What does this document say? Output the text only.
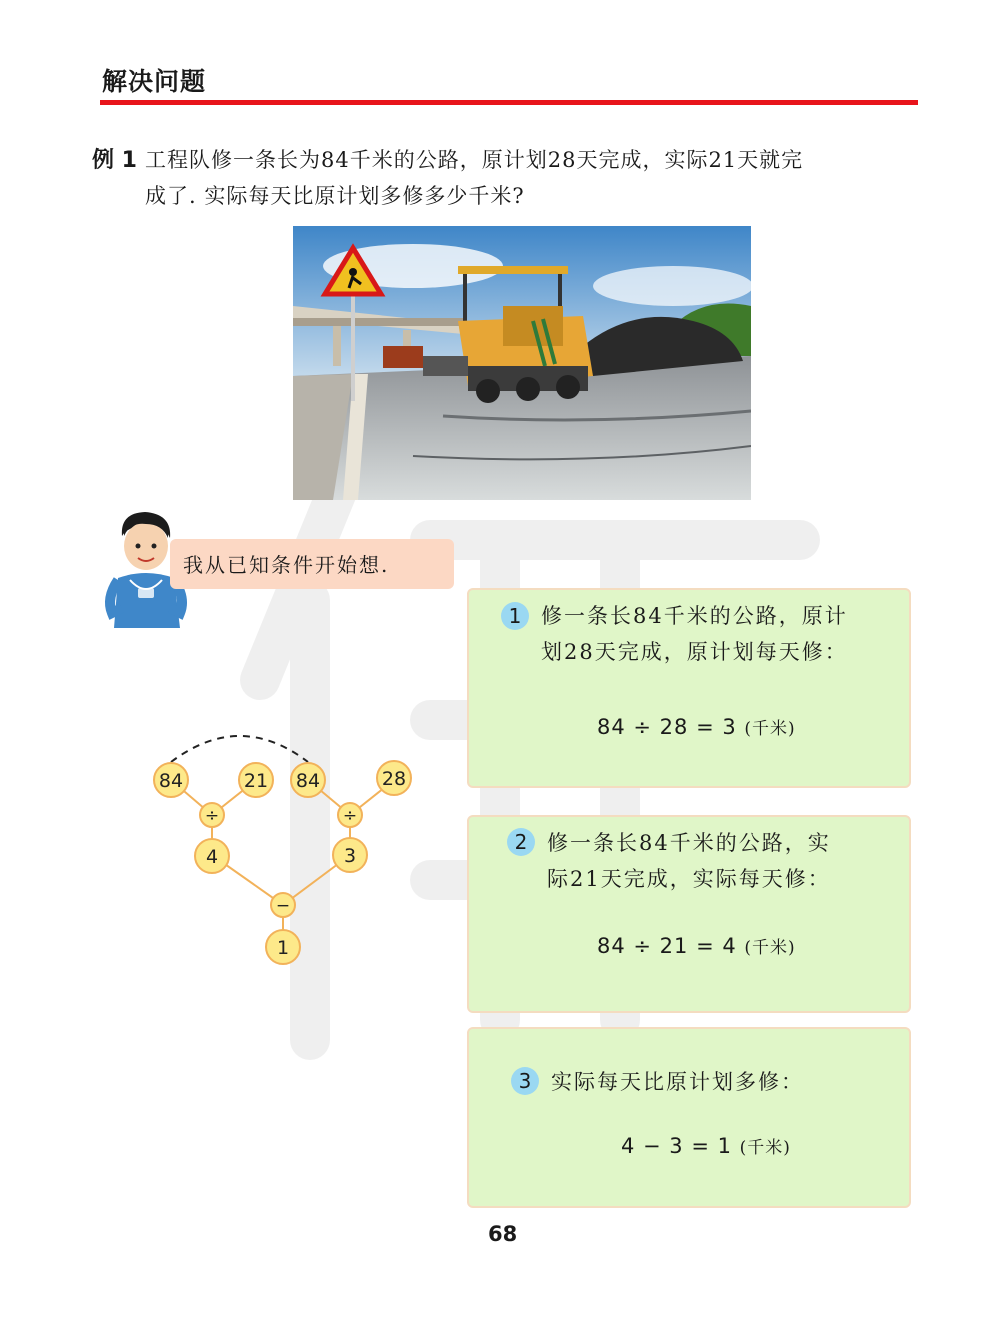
解决问题
例 1 工程队修一条长为84千米的公路，原计划28天完成，实际21天就完
成了. 实际每天比原计划多修多少千米?
我从已知条件开始想.
84	21 84	28
÷	÷
4	3
−
1
1 修一条长84千米的公路，原计
划28天完成，原计划每天修：
84 ÷ 28 = 3 (千米)
2 修一条长84千米的公路，实
际21天完成，实际每天修：
84 ÷ 21 = 4 (千米)
3 实际每天比原计划多修：
4 − 3 = 1 (千米)
68
